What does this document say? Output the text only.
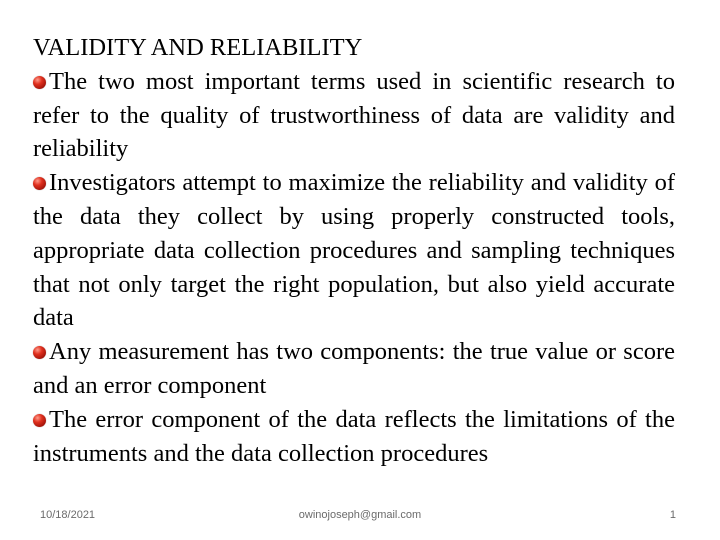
VALIDITY AND RELIABILITY

The two most important terms used in scientific research to refer to the quality of trustworthiness of data are validity and reliability

Investigators attempt to maximize the reliability and validity of the data they collect by using properly constructed tools, appropriate data collection procedures and sampling techniques that not only target the right population, but also yield accurate data

Any measurement has two components: the true value or score and an error component

The error component of the data reflects the limitations of the instruments and the data collection procedures

10/18/2021	owinojoseph@gmail.com	1
